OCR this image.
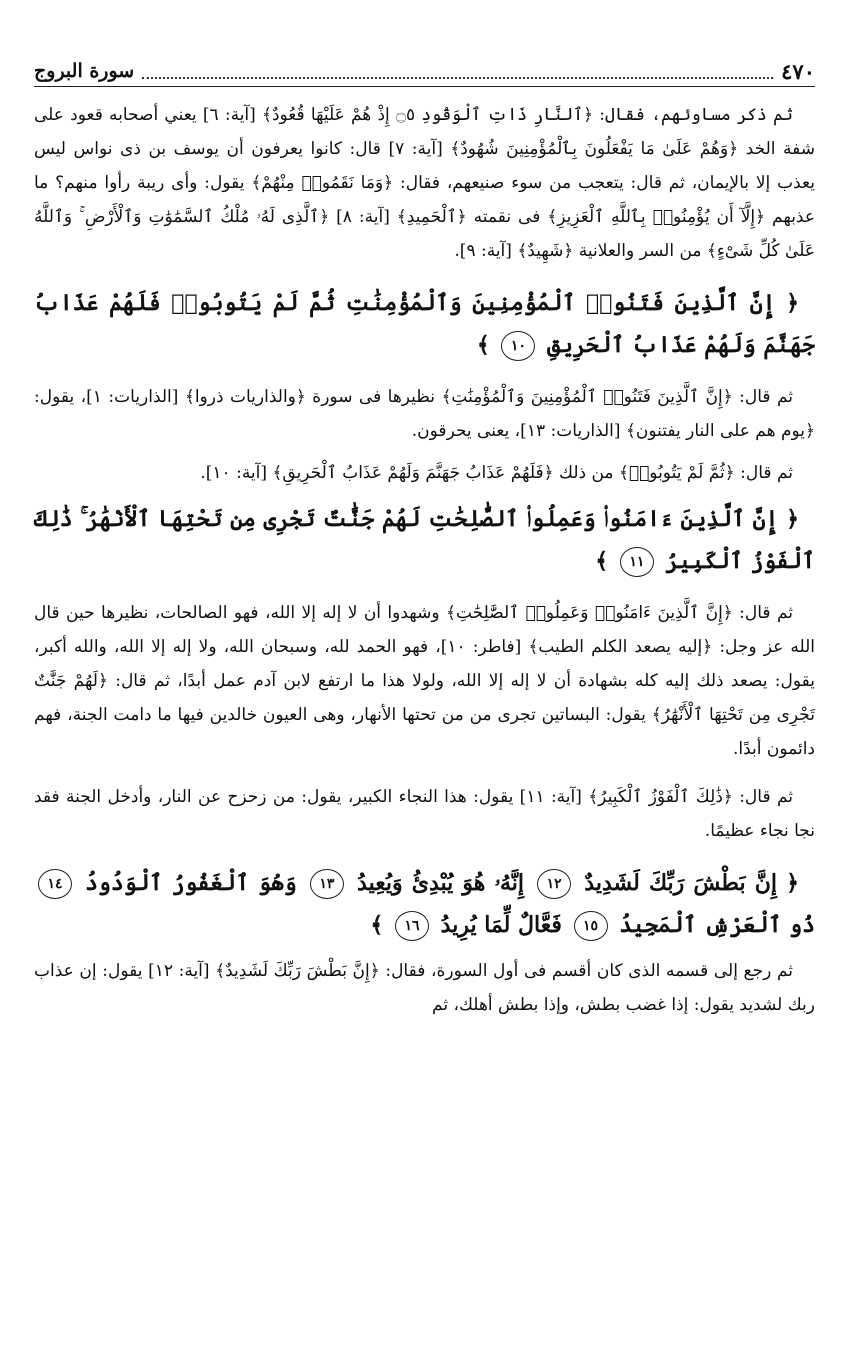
٤٧٠
سورة البروج

ثم ذكر مساوئهم، فقال: ﴿ٱلنَّارِ ذَاتِ ٱلْوَقُودِ ۝٥ إِذْ هُمْ عَلَيْهَا قُعُودٌ﴾ [آية: ٦] يعني أصحابه قعود على شفة الخد ﴿وَهُمْ عَلَىٰ مَا يَفْعَلُونَ بِٱلْمُؤْمِنِينَ شُهُودٌ﴾ [آية: ٧] قال: كانوا يعرفون أن يوسف بن ذى نواس ليس يعذب إلا بالإيمان، ثم قال: يتعجب من سوء صنيعهم، فقال: ﴿وَمَا نَقَمُوا۟ مِنْهُمْ﴾ يقول: وأى ريبة رأوا منهم؟ ما عذبهم ﴿إِلَّآ أَن يُؤْمِنُوا۟ بِٱللَّهِ ٱلْعَزِيزِ﴾ فى نقمته ﴿ٱلْحَمِيدِ﴾ [آية: ٨] ﴿ٱلَّذِى لَهُۥ مُلْكُ ٱلسَّمَٰوَٰتِ وَٱلْأَرْضِ ۚ وَٱللَّهُ عَلَىٰ كُلِّ شَىْءٍ﴾ من السر والعلانية ﴿شَهِيدٌ﴾ [آية: ٩].

﴿ إِنَّ ٱلَّذِينَ فَتَنُوا۟ ٱلْمُؤْمِنِينَ وَٱلْمُؤْمِنَٰتِ ثُمَّ لَمْ يَتُوبُوا۟ فَلَهُمْ عَذَابُ جَهَنَّمَ وَلَهُمْ عَذَابُ ٱلْحَرِيقِ ١٠ ﴾

ثم قال: ﴿إِنَّ ٱلَّذِينَ فَتَنُوا۟ ٱلْمُؤْمِنِينَ وَٱلْمُؤْمِنَٰتِ﴾ نظيرها فى سورة ﴿والذاريات ذروا﴾ [الذاريات: ١]، يقول: ﴿يوم هم على النار يفتنون﴾ [الذاريات: ١٣]، يعنى يحرقون.

ثم قال: ﴿ثُمَّ لَمْ يَتُوبُوا۟﴾ من ذلك ﴿فَلَهُمْ عَذَابُ جَهَنَّمَ وَلَهُمْ عَذَابُ ٱلْحَرِيقِ﴾ [آية: ١٠].

﴿ إِنَّ ٱلَّذِينَ ءَامَنُوا۟ وَعَمِلُوا۟ ٱلصَّٰلِحَٰتِ لَهُمْ جَنَّٰتٌ تَجْرِى مِن تَحْتِهَا ٱلْأَنْهَٰرُ ۚ ذَٰلِكَ ٱلْفَوْزُ ٱلْكَبِيرُ ١١ ﴾

ثم قال: ﴿إِنَّ ٱلَّذِينَ ءَامَنُوا۟ وَعَمِلُوا۟ ٱلصَّٰلِحَٰتِ﴾ وشهدوا أن لا إله إلا الله، فهو الصالحات، نظيرها حين قال الله عز وجل: ﴿إليه يصعد الكلم الطيب﴾ [فاطر: ١٠]، فهو الحمد لله، وسبحان الله، ولا إله إلا الله، والله أكبر، يقول: يصعد ذلك إليه كله بشهادة أن لا إله إلا الله، ولولا هذا ما ارتفع لابن آدم عمل أبدًا، ثم قال: ﴿لَهُمْ جَنَّٰتٌ تَجْرِى مِن تَحْتِهَا ٱلْأَنْهَٰرُ﴾ يقول: البساتين تجرى من من تحتها الأنهار، وهى العيون خالدين فيها ما دامت الجنة، فهم دائمون أبدًا.

ثم قال: ﴿ذَٰلِكَ ٱلْفَوْزُ ٱلْكَبِيرُ﴾ [آية: ١١] يقول: هذا النجاء الكبير، يقول: من زحزح عن النار، وأدخل الجنة فقد نجا نجاء عظيمًا.

﴿ إِنَّ بَطْشَ رَبِّكَ لَشَدِيدٌ ١٢ إِنَّهُۥ هُوَ يُبْدِئُ وَيُعِيدُ ١٣ وَهُوَ ٱلْغَفُورُ ٱلْوَدُودُ ١٤ ذُو ٱلْعَرْشِ ٱلْمَجِيدُ ١٥ فَعَّالٌ لِّمَا يُرِيدُ ١٦ ﴾

ثم رجع إلى قسمه الذى كان أقسم فى أول السورة، فقال: ﴿إِنَّ بَطْشَ رَبِّكَ لَشَدِيدٌ﴾ [آية: ١٢] يقول: إن عذاب ربك لشديد يقول: إذا غضب بطش، وإذا بطش أهلك، ثم
